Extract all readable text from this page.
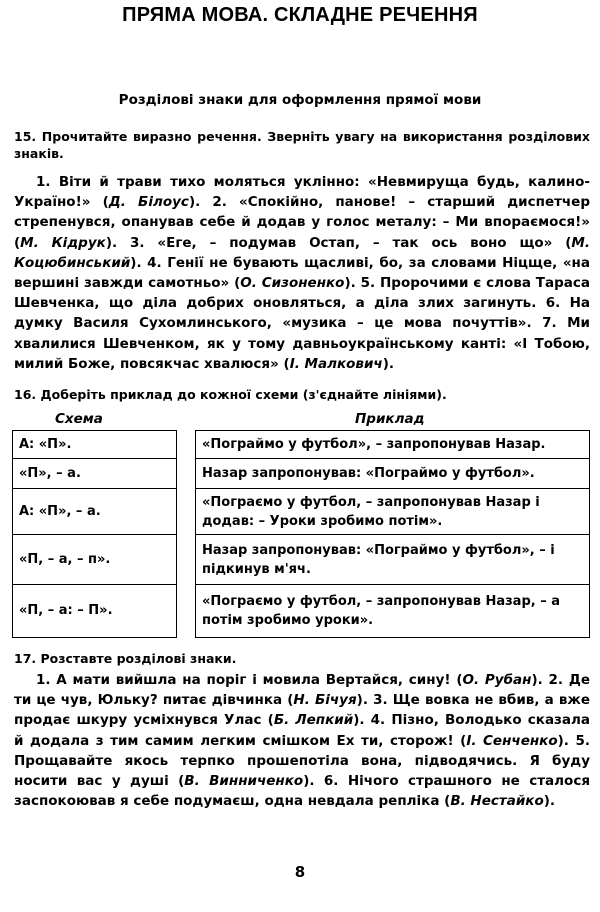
ПРЯМА МОВА. СКЛАДНЕ РЕЧЕННЯ
Розділові знаки для оформлення прямої мови
15. Прочитайте виразно речення. Зверніть увагу на використання розділових знаків.
1. Віти й трави тихо моляться уклінно: «Невмируща будь, калино-Україно!» (Д. Білоус). 2. «Спокійно, панове! – старший диспетчер стрепенувся, опанував себе й додав у голос металу: – Ми впораємося!» (М. Кідрук). 3. «Еге, – подумав Остап, – так ось воно що» (М. Коцюбинський). 4. Генії не бувають щасливі, бо, за словами Ніцще, «на вершині завжди самотньо» (О. Сизоненко). 5. Пророчими є слова Тараса Шевченка, що діла добрих оновляться, а діла злих загинуть. 6. На думку Василя Сухомлинського, «музика – це мова почуттів». 7. Ми хвалилися Шевченком, як у тому давньоукраїнському канті: «І Тобою, милий Боже, повсякчас хвалюся» (І. Малкович).
16. Доберіть приклад до кожної схеми (з'єднайте лініями).
Схема	Приклад
А: «П».
«П», – а.
А: «П», – а.
«П, – а, – п».
«П, – а: – П».
«Пограймо у футбол», – запропонував Назар.
Назар запропонував: «Пограймо у футбол».
«Пограємо у футбол, – запропонував Назар і додав: – Уроки зробимо потім».
Назар запропонував: «Пограймо у футбол», – і підкинув м'яч.
«Пограємо у футбол, – запропонував Назар, – а потім зробимо уроки».
17. Розставте розділові знаки.
1. А мати вийшла на поріг і мовила Вертайся, сину! (О. Рубан). 2. Де ти це чув, Юльку? питає дівчинка (Н. Бічуя). 3. Ще вовка не вбив, а вже продає шкуру усміхнувся Улас (Б. Лепкий). 4. Пізно, Володько сказала й додала з тим самим легким смішком Ех ти, сторож! (І. Сенченко). 5. Прощавайте якось терпко прошепотіла вона, підводячись. Я буду носити вас у душі (В. Винниченко). 6. Нічого страшного не сталося заспокоював я себе подумаєш, одна невдала репліка (В. Нестайко).
8
